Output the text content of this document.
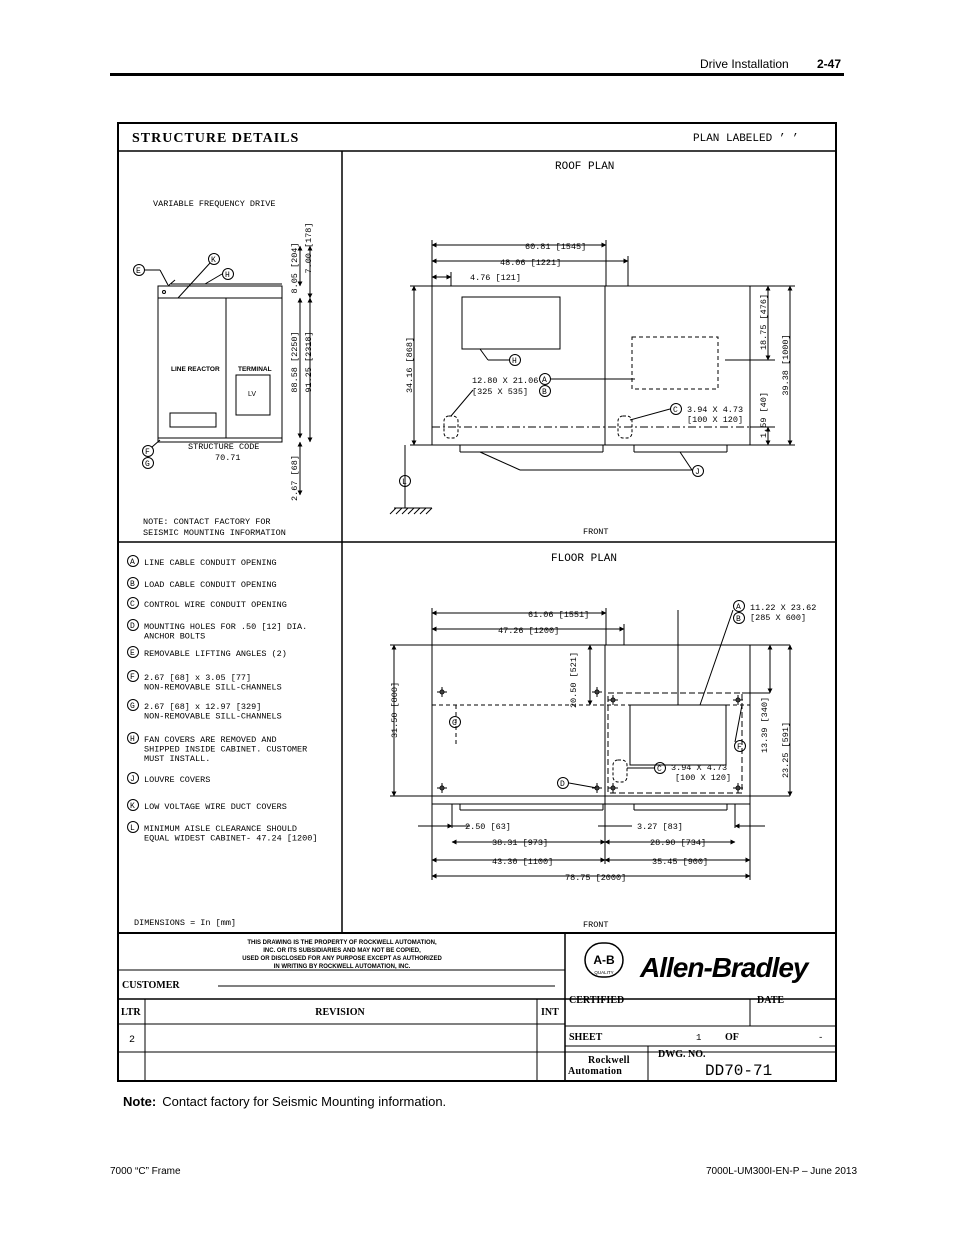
Drive Installation 2-47
STRUCTURE DETAILS	PLAN LABELED ’ ’
VARIABLE FREQUENCY DRIVE
LINE REACTOR	TERMINAL
LV
STRUCTURE CODE
70.71
8.05 [204] 7.00 [178]
88.58 [2250] 91.25 [2318]
2.67 [68]
NOTE: CONTACT FACTORY FOR
SEISMIC MOUNTING INFORMATION
E
K
H
F
G
ROOF PLAN
60.81 [1545]
48.06 [1221]
4.76 [121]
34.16 [868]
18.75 [476]
39.38 [1000]
1.59 [40]
12.80 X 21.06
[325 X 535]
3.94 X 4.73
[100 X 120]
FRONT
H
A
B
C
J
L
FLOOR PLAN
61.06 [1551]
47.26 [1200]
31.50 [800]
20.50 [521]
13.39 [340] 23.25 [591]
2.50 [63]	3.27 [83]
38.31 [973]	28.90 [734]
43.30 [1100]	35.45 [900]
78.75 [2000]
11.22 X 23.62
[285 X 600]
3.94 X 4.73
[100 X 120]
FRONT
A
B
G
F
C
D
A LINE CABLE CONDUIT OPENING
B LOAD CABLE CONDUIT OPENING
C CONTROL WIRE CONDUIT OPENING
D MOUNTING HOLES FOR .50 [12] DIA.
ANCHOR BOLTS
E REMOVABLE LIFTING ANGLES (2)
F 2.67 [68] x 3.05 [77]
NON-REMOVABLE SILL-CHANNELS
G 2.67 [68] x 12.97 [329]
NON-REMOVABLE SILL-CHANNELS
H FAN COVERS ARE REMOVED AND
SHIPPED INSIDE CABINET. CUSTOMER
MUST INSTALL.
J LOUVRE COVERS
K LOW VOLTAGE WIRE DUCT COVERS
L MINIMUM AISLE CLEARANCE SHOULD
EQUAL WIDEST CABINET- 47.24 [1200]
DIMENSIONS = In [mm]
THIS DRAWING IS THE PROPERTY OF ROCKWELL AUTOMATION,
INC. OR ITS SUBSIDIARIES AND MAY NOT BE COPIED,
USED OR DISCLOSED FOR ANY PURPOSE EXCEPT AS AUTHORIZED
IN WRITING BY ROCKWELL AUTOMATION, INC.
CUSTOMER
LTR	REVISION	INT
2
A-B
QUALITY Allen-Bradley
CERTIFIED	DATE
SHEET	1 OF	-
Rockwell
Automation
DWG. NO.
DD70-71
Note: Contact factory for Seismic Mounting information.
7000 “C” Frame	7000L-UM300I-EN-P – June 2013
